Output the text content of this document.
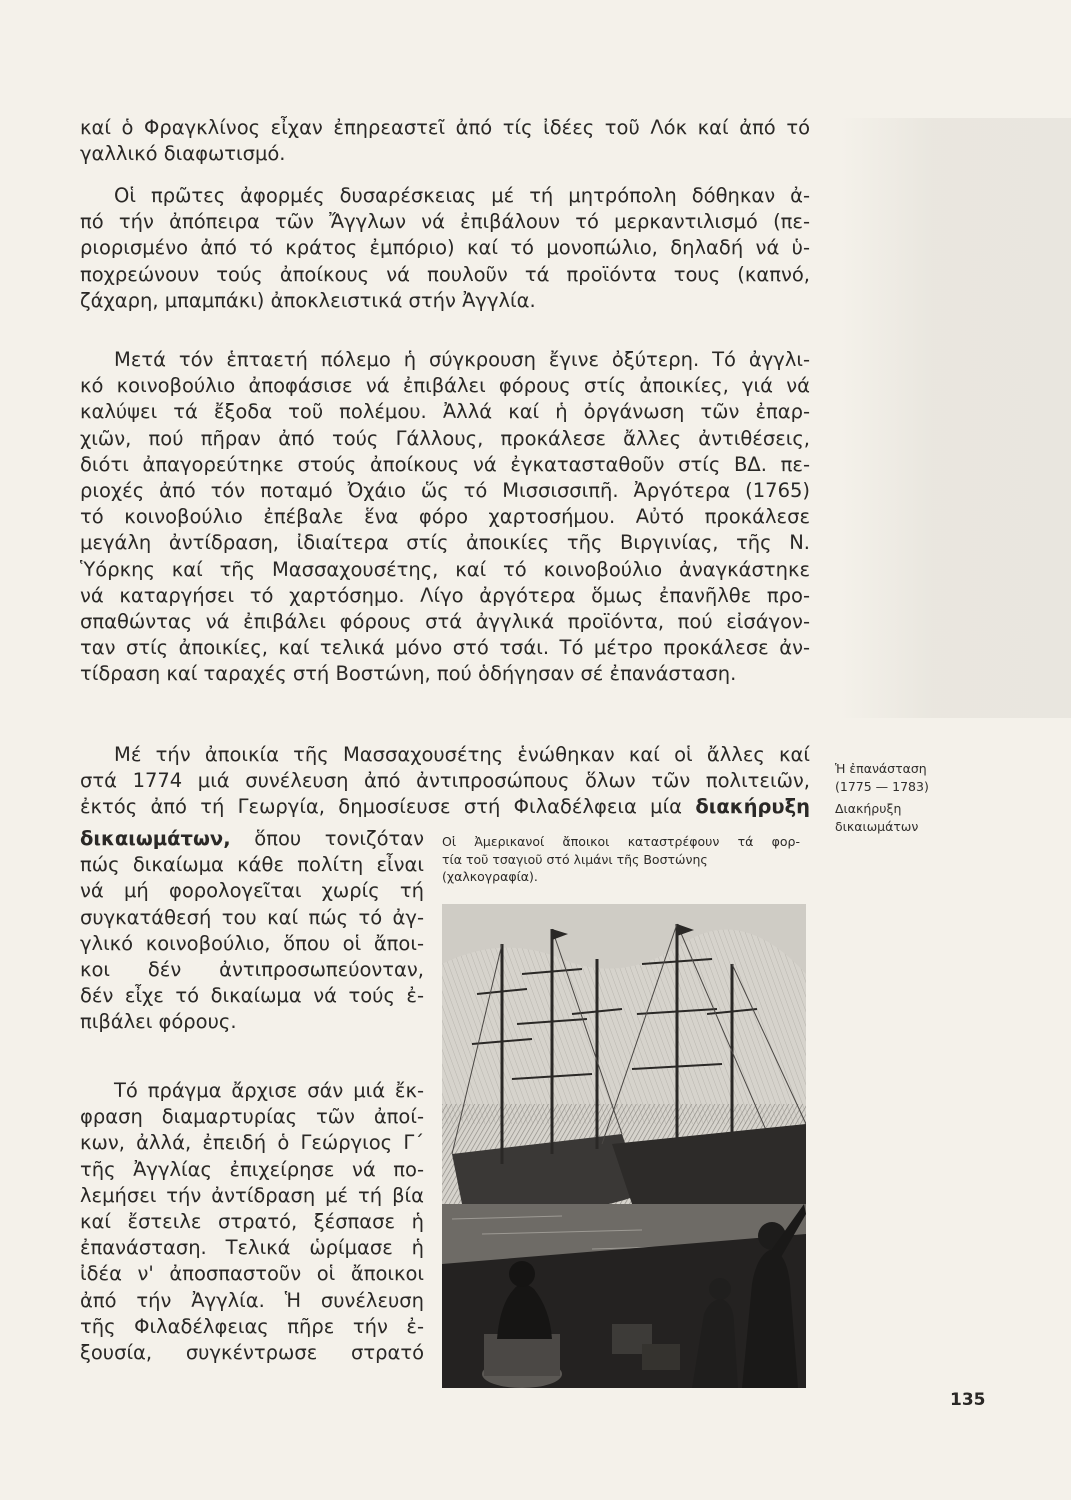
καί ὁ Φραγκλίνος εἶχαν ἐπηρεαστεῖ ἀπό τίς ἰδέες τοῦ Λόκ καί ἀπό τό

γαλλικό διαφωτισμό.

Οἱ πρῶτες ἀφορμές δυσαρέσκειας μέ τή μητρόπολη δόθηκαν ἀ-

πό τήν ἀπόπειρα τῶν Ἄγγλων νά ἐπιβάλουν τό μερκαντιλισμό (πε-

ριορισμένο ἀπό τό κράτος ἐμπόριο) καί τό μονοπώλιο, δηλαδή νά ὑ-

ποχρεώνουν τούς ἀποίκους νά πουλοῦν τά προϊόντα τους (καπνό,

ζάχαρη, μπαμπάκι) ἀποκλειστικά στήν Ἀγγλία.

Μετά τόν ἑπταετή πόλεμο ἡ σύγκρουση ἔγινε ὀξύτερη. Τό ἀγγλι-

κό κοινοβούλιο ἀποφάσισε νά ἐπιβάλει φόρους στίς ἀποικίες, γιά νά

καλύψει τά ἔξοδα τοῦ πολέμου. Ἀλλά καί ἡ ὀργάνωση τῶν ἐπαρ-

χιῶν, πού πῆραν ἀπό τούς Γάλλους, προκάλεσε ἄλλες ἀντιθέσεις,

διότι ἀπαγορεύτηκε στούς ἀποίκους νά ἐγκατασταθοῦν στίς ΒΔ. πε-

ριοχές ἀπό τόν ποταμό Ὀχάιο ὥς τό Μισσισσιπῆ. Ἀργότερα (1765)

τό κοινοβούλιο ἐπέβαλε ἕνα φόρο χαρτοσήμου. Αὐτό προκάλεσε

μεγάλη ἀντίδραση, ἰδιαίτερα στίς ἀποικίες τῆς Βιργινίας, τῆς Ν.

Ὑόρκης καί τῆς Μασσαχουσέτης, καί τό κοινοβούλιο ἀναγκάστηκε

νά καταργήσει τό χαρτόσημο. Λίγο ἀργότερα ὅμως ἐπανῆλθε προ-

σπαθώντας νά ἐπιβάλει φόρους στά ἀγγλικά προϊόντα, πού εἰσάγον-

ταν στίς ἀποικίες, καί τελικά μόνο στό τσάι. Τό μέτρο προκάλεσε ἀν-

τίδραση καί ταραχές στή Βοστώνη, πού ὁδήγησαν σέ ἐπανάσταση.

Μέ τήν ἀποικία τῆς Μασσαχουσέτης ἑνώθηκαν καί οἱ ἄλλες καί

στά 1774 μιά συνέλευση ἀπό ἀντιπροσώπους ὅλων τῶν πολιτειῶν,

ἐκτός ἀπό τή Γεωργία, δημοσίευσε στή Φιλαδέλφεια μία διακήρυξη

δικαιωμάτων, ὅπου τονιζόταν

πώς δικαίωμα κάθε πολίτη εἶναι

νά μή φορολογεῖται χωρίς τή

συγκατάθεσή του καί πώς τό ἀγ-

γλικό κοινοβούλιο, ὅπου οἱ ἄποι-

κοι δέν ἀντιπροσωπεύονταν,

δέν εἶχε τό δικαίωμα νά τούς ἐ-

πιβάλει φόρους.

Τό πράγμα ἄρχισε σάν μιά ἔκ-

φραση διαμαρτυρίας τῶν ἀποί-

κων, ἀλλά, ἐπειδή ὁ Γεώργιος Γ΄

τῆς Ἀγγλίας ἐπιχείρησε νά πο-

λεμήσει τήν ἀντίδραση μέ τή βία

καί ἔστειλε στρατό, ξέσπασε ἡ

ἐπανάσταση. Τελικά ὡρίμασε ἡ

ἰδέα ν' ἀποσπαστοῦν οἱ ἄποικοι

ἀπό τήν Ἀγγλία. Ἡ συνέλευση

τῆς Φιλαδέλφειας πῆρε τήν ἐ-

ξουσία, συγκέντρωσε στρατό

Οἱ Ἀμερικανοί ἄποικοι καταστρέφουν τά φορ-
τία τοῦ τσαγιοῦ στό λιμάνι τῆς Βοστώνης
(χαλκογραφία).
Ἡ ἐπανάσταση
(1775 — 1783)
Διακήρυξη
δικαιωμάτων
135
